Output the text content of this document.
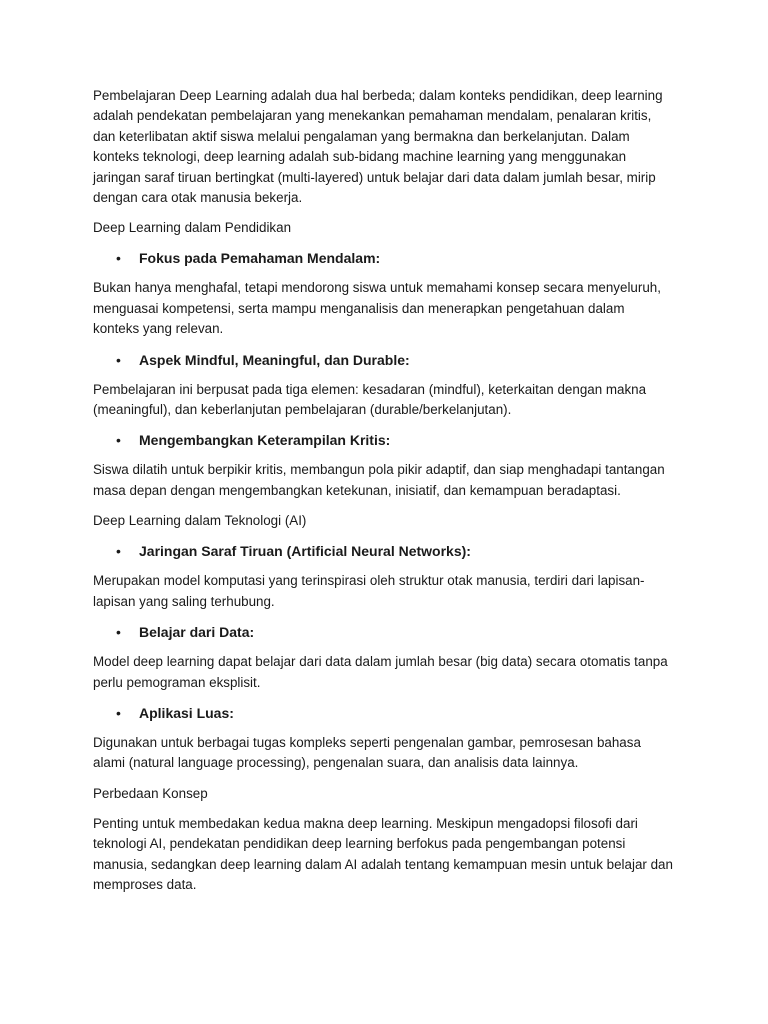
Pembelajaran Deep Learning adalah dua hal berbeda; dalam konteks pendidikan, deep learning adalah pendekatan pembelajaran yang menekankan pemahaman mendalam, penalaran kritis, dan keterlibatan aktif siswa melalui pengalaman yang bermakna dan berkelanjutan. Dalam konteks teknologi, deep learning adalah sub-bidang machine learning yang menggunakan jaringan saraf tiruan bertingkat (multi-layered) untuk belajar dari data dalam jumlah besar, mirip dengan cara otak manusia bekerja.

Deep Learning dalam Pendidikan

•	Fokus pada Pemahaman Mendalam:

Bukan hanya menghafal, tetapi mendorong siswa untuk memahami konsep secara menyeluruh, menguasai kompetensi, serta mampu menganalisis dan menerapkan pengetahuan dalam konteks yang relevan.

•	Aspek Mindful, Meaningful, dan Durable:

Pembelajaran ini berpusat pada tiga elemen: kesadaran (mindful), keterkaitan dengan makna (meaningful), dan keberlanjutan pembelajaran (durable/berkelanjutan).

•	Mengembangkan Keterampilan Kritis:

Siswa dilatih untuk berpikir kritis, membangun pola pikir adaptif, dan siap menghadapi tantangan masa depan dengan mengembangkan ketekunan, inisiatif, dan kemampuan beradaptasi.

Deep Learning dalam Teknologi (AI)

•	Jaringan Saraf Tiruan (Artificial Neural Networks):

Merupakan model komputasi yang terinspirasi oleh struktur otak manusia, terdiri dari lapisan-lapisan yang saling terhubung.

•	Belajar dari Data:

Model deep learning dapat belajar dari data dalam jumlah besar (big data) secara otomatis tanpa perlu pemograman eksplisit.

•	Aplikasi Luas:

Digunakan untuk berbagai tugas kompleks seperti pengenalan gambar, pemrosesan bahasa alami (natural language processing), pengenalan suara, dan analisis data lainnya.

Perbedaan Konsep

Penting untuk membedakan kedua makna deep learning. Meskipun mengadopsi filosofi dari teknologi AI, pendekatan pendidikan deep learning berfokus pada pengembangan potensi manusia, sedangkan deep learning dalam AI adalah tentang kemampuan mesin untuk belajar dan memproses data.
